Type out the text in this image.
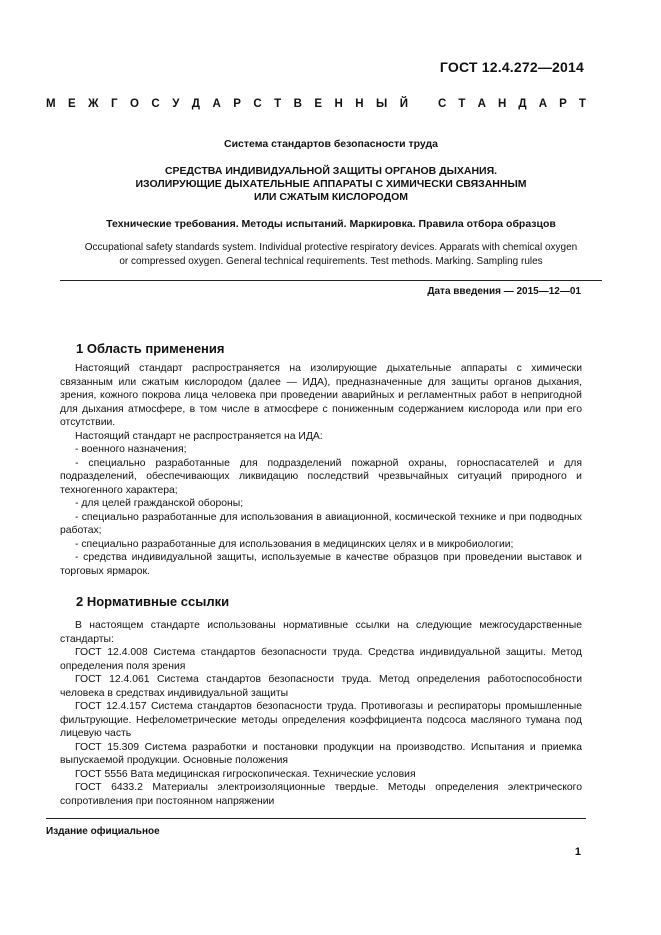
ГОСТ 12.4.272—2014
М Е Ж Г О С У Д А Р С Т В Е Н Н Ы Й	С Т А Н Д А Р Т
Система стандартов безопасности труда
СРЕДСТВА ИНДИВИДУАЛЬНОЙ ЗАЩИТЫ ОРГАНОВ ДЫХАНИЯ.
ИЗОЛИРУЮЩИЕ ДЫХАТЕЛЬНЫЕ АППАРАТЫ С ХИМИЧЕСКИ СВЯЗАННЫМ
ИЛИ СЖАТЫМ КИСЛОРОДОМ
Технические требования. Методы испытаний. Маркировка. Правила отбора образцов
Occupational safety standards system. Individual protective respiratory devices. Apparats with chemical oxygen
or compressed oxygen. General technical requirements. Test methods. Marking. Sampling rules
Дата введения — 2015—12—01
1 Область применения

Настоящий стандарт распространяется на изолирующие дыхательные аппараты с химически связанным или сжатым кислородом (далее — ИДА), предназначенные для защиты органов дыхания, зрения, кожного покрова лица человека при проведении аварийных и регламентных работ в непригодной для дыхания атмосфере, в том числе в атмосфере с пониженным содержанием кислорода или при его отсутствии.

Настоящий стандарт не распространяется на ИДА:

- военного назначения;

- специально разработанные для подразделений пожарной охраны, горноспасателей и для подразделений, обеспечивающих ликвидацию последствий чрезвычайных ситуаций природного и техногенного характера;

- для целей гражданской обороны;

- специально разработанные для использования в авиационной, космической технике и при подводных работах;

- специально разработанные для использования в медицинских целях и в микробиологии;

- средства индивидуальной защиты, используемые в качестве образцов при проведении выставок и торговых ярмарок.

2 Нормативные ссылки

В настоящем стандарте использованы нормативные ссылки на следующие межгосударственные стандарты:

ГОСТ 12.4.008 Система стандартов безопасности труда. Средства индивидуальной защиты. Метод определения поля зрения

ГОСТ 12.4.061 Система стандартов безопасности труда. Метод определения работоспособности человека в средствах индивидуальной защиты

ГОСТ 12.4.157 Система стандартов безопасности труда. Противогазы и респираторы промышленные фильтрующие. Нефелометрические методы определения коэффициента подсоса масляного тумана под лицевую часть

ГОСТ 15.309 Система разработки и постановки продукции на производство. Испытания и приемка выпускаемой продукции. Основные положения

ГОСТ 5556 Вата медицинская гигроскопическая. Технические условия

ГОСТ 6433.2 Материалы электроизоляционные твердые. Методы определения электрического сопротивления при постоянном напряжении

Издание официальное
1
